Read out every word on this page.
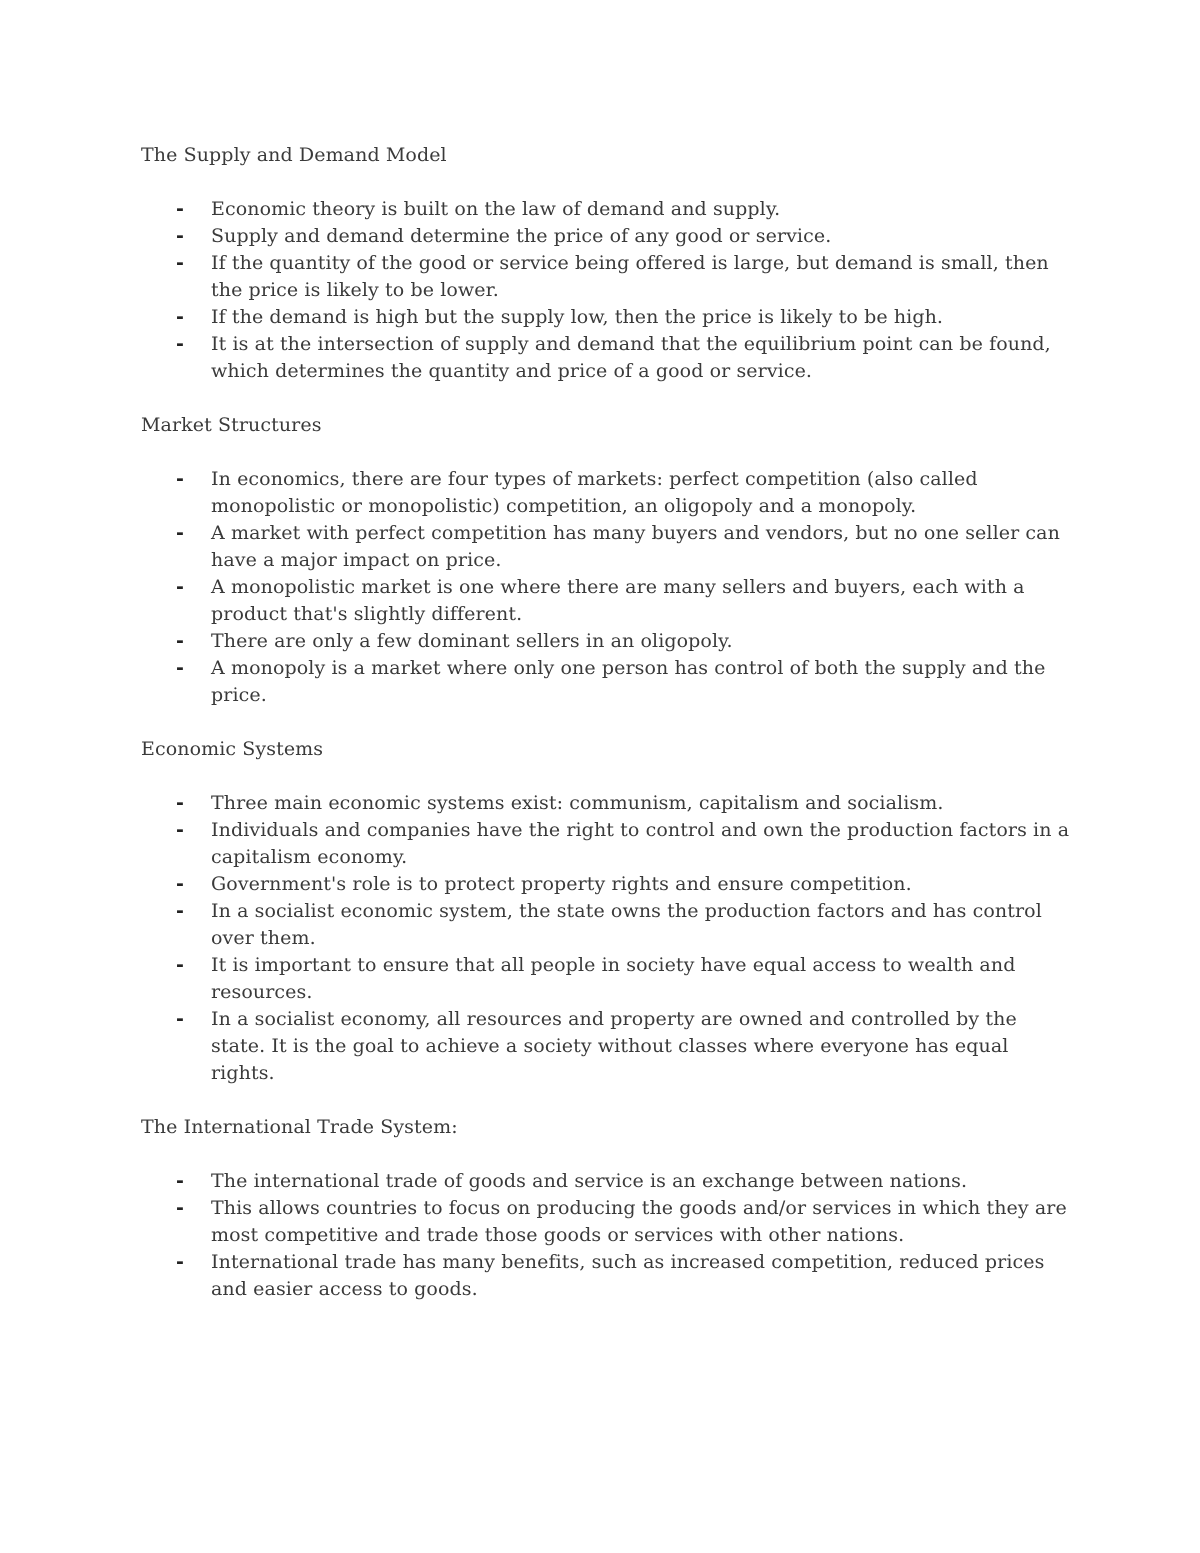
The Supply and Demand Model
- Economic theory is built on the law of demand and supply.
- Supply and demand determine the price of any good or service.
- If the quantity of the good or service being offered is large, but demand is small, then the price is likely to be lower.
- If the demand is high but the supply low, then the price is likely to be high.
- It is at the intersection of supply and demand that the equilibrium point can be found, which determines the quantity and price of a good or service.
Market Structures
- In economics, there are four types of markets: perfect competition (also called monopolistic or monopolistic) competition, an oligopoly and a monopoly.
- A market with perfect competition has many buyers and vendors, but no one seller can have a major impact on price.
- A monopolistic market is one where there are many sellers and buyers, each with a product that's slightly different.
- There are only a few dominant sellers in an oligopoly.
- A monopoly is a market where only one person has control of both the supply and the price.
Economic Systems
- Three main economic systems exist: communism, capitalism and socialism.
- Individuals and companies have the right to control and own the production factors in a capitalism economy.
- Government's role is to protect property rights and ensure competition.
- In a socialist economic system, the state owns the production factors and has control over them.
- It is important to ensure that all people in society have equal access to wealth and resources.
- In a socialist economy, all resources and property are owned and controlled by the state. It is the goal to achieve a society without classes where everyone has equal rights.
The International Trade System:
- The international trade of goods and service is an exchange between nations.
- This allows countries to focus on producing the goods and/or services in which they are most competitive and trade those goods or services with other nations.
- International trade has many benefits, such as increased competition, reduced prices and easier access to goods.
